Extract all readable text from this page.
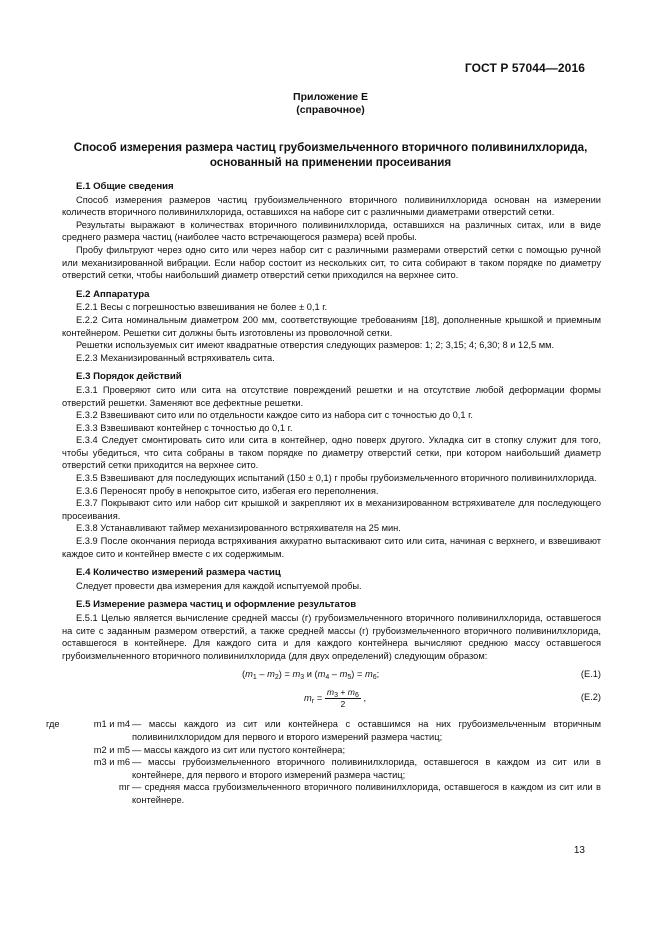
ГОСТ Р 57044—2016
Приложение Е
(справочное)
Способ измерения размера частиц грубоизмельченного вторичного поливинилхлорида,
основанный на применении просеивания
Е.1 Общие сведения

Способ измерения размеров частиц грубоизмельченного вторичного поливинилхлорида основан на измерении количеств вторичного поливинилхлорида, оставшихся на наборе сит с различными диаметрами отверстий сетки.

Результаты выражают в количествах вторичного поливинилхлорида, оставшихся на различных ситах, или в виде среднего размера частиц (наиболее часто встречающегося размера) всей пробы.

Пробу фильтруют через одно сито или через набор сит с различными размерами отверстий сетки с помощью ручной или механизированной вибрации. Если набор состоит из нескольких сит, то сита собирают в таком порядке по диаметру отверстий сетки, чтобы наибольший диаметр отверстий сетки приходился на верхнее сито.

Е.2 Аппаратура

Е.2.1 Весы с погрешностью взвешивания не более ± 0,1 г.

Е.2.2 Сита номинальным диаметром 200 мм, соответствующие требованиям [18], дополненные крышкой и приемным контейнером. Решетки сит должны быть изготовлены из проволочной сетки.

Решетки используемых сит имеют квадратные отверстия следующих размеров: 1; 2; 3,15; 4; 6,30; 8 и 12,5 мм.

Е.2.3 Механизированный встряхиватель сита.

Е.3 Порядок действий

Е.3.1 Проверяют сито или сита на отсутствие повреждений решетки и на отсутствие любой деформации формы отверстий решетки. Заменяют все дефектные решетки.

Е.3.2 Взвешивают сито или по отдельности каждое сито из набора сит с точностью до 0,1 г.

Е.3.3 Взвешивают контейнер с точностью до 0,1 г.

Е.3.4 Следует смонтировать сито или сита в контейнер, одно поверх другого. Укладка сит в стопку служит для того, чтобы убедиться, что сита собраны в таком порядке по диаметру отверстий сетки, при котором наибольший диаметр отверстий сетки приходится на верхнее сито.

Е.3.5 Взвешивают для последующих испытаний (150 ± 0,1) г пробы грубоизмельченного вторичного поливинилхлорида.

Е.3.6 Переносят пробу в непокрытое сито, избегая его переполнения.

Е.3.7 Покрывают сито или набор сит крышкой и закрепляют их в механизированном встряхивателе для последующего просеивания.

Е.3.8 Устанавливают таймер механизированного встряхивателя на 25 мин.

Е.3.9 После окончания периода встряхивания аккуратно вытаскивают сито или сита, начиная с верхнего, и взвешивают каждое сито и контейнер вместе с их содержимым.

Е.4 Количество измерений размера частиц

Следует провести два измерения для каждой испытуемой пробы.

Е.5 Измерение размера частиц и оформление результатов

Е.5.1 Целью является вычисление средней массы (г) грубоизмельченного вторичного поливинилхлорида, оставшегося на сите с заданным размером отверстий, а также средней массы (г) грубоизмельченного вторичного поливинилхлорида, оставшегося в контейнере. Для каждого сита и для каждого контейнера вычисляют среднюю массу оставшегося грубоизмельченного вторичного поливинилхлорида (для двух определений) следующим образом:

$(m_1 - m_2) = m_3$ и $(m_4 - m_5) = m_6$;	(Е.1)
$m_г = \frac{m_3 + m_6}{2}$ ,	(Е.2)
где	m1 и m4 — массы каждого из сит или контейнера с оставшимся на них грубоизмельченным вторичным поливинилхлоридом для первого и второго измерений размера частиц;
m2 и m5 — массы каждого из сит или пустого контейнера;
m3 и m6 — массы грубоизмельченного вторичного поливинилхлорида, оставшегося в каждом из сит или в контейнере, для первого и второго измерений размера частиц;
mг — средняя масса грубоизмельченного вторичного поливинилхлорида, оставшегося в каждом из сит или в контейнере.
13
